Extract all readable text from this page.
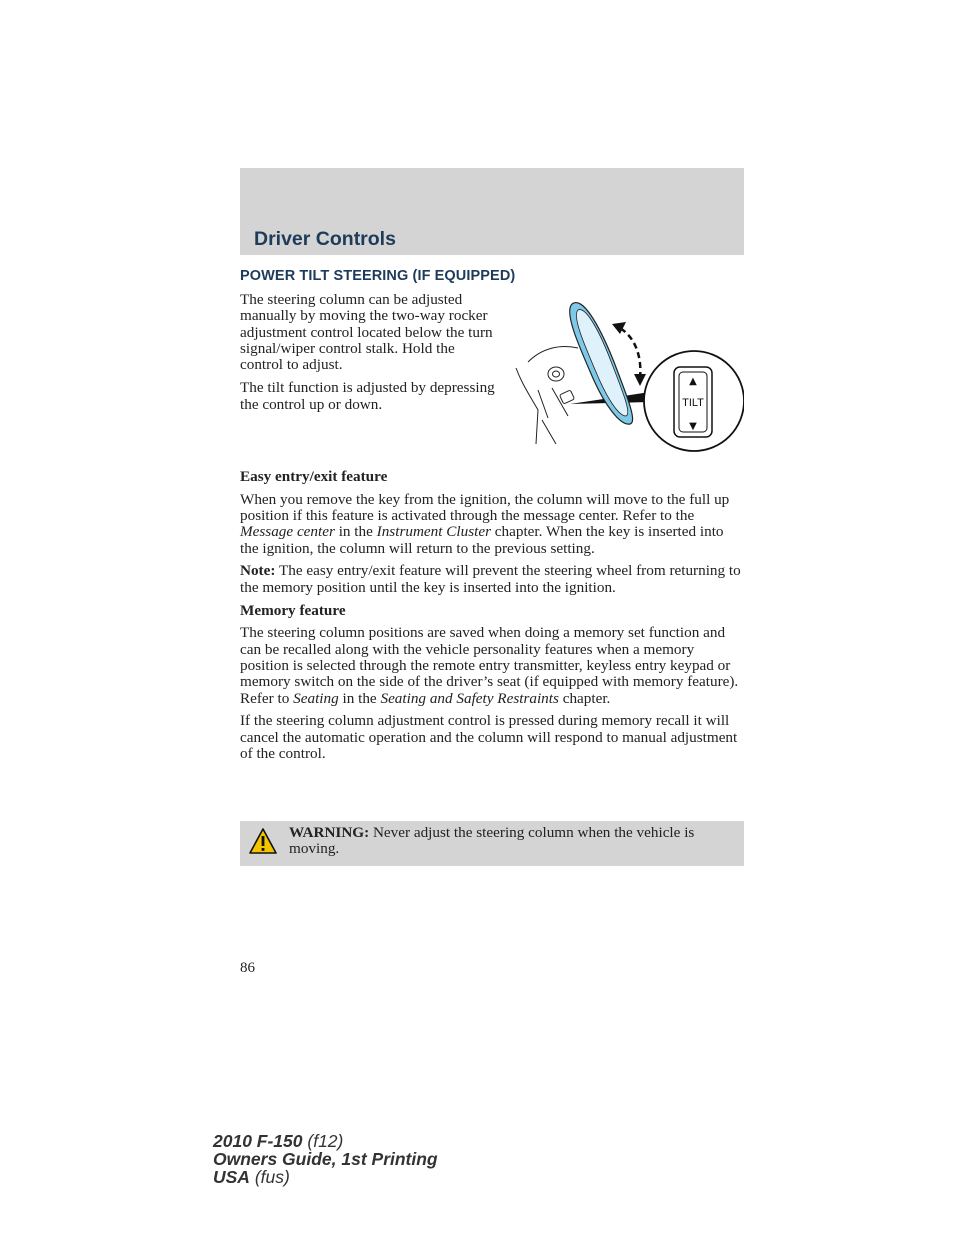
Driver Controls
POWER TILT STEERING (IF EQUIPPED)

The steering column can be adjusted manually by moving the two-way rocker adjustment control located below the turn signal/wiper control stalk. Hold the control to adjust.

The tilt function is adjusted by depressing the control up or down.

▲
TILT
▼

Easy entry/exit feature

When you remove the key from the ignition, the column will move to the full up position if this feature is activated through the message center. Refer to the Message center in the Instrument Cluster chapter. When the key is inserted into the ignition, the column will return to the previous setting.

Note: The easy entry/exit feature will prevent the steering wheel from returning to the memory position until the key is inserted into the ignition.

Memory feature

The steering column positions are saved when doing a memory set function and can be recalled along with the vehicle personality features when a memory position is selected through the remote entry transmitter, keyless entry keypad or memory switch on the side of the driver’s seat (if equipped with memory feature). Refer to Seating in the Seating and Safety Restraints chapter.

If the steering column adjustment control is pressed during memory recall it will cancel the automatic operation and the column will respond to manual adjustment of the control.

WARNING: Never adjust the steering column when the vehicle is moving.
86
2010 F-150 (f12)
Owners Guide, 1st Printing
USA (fus)
